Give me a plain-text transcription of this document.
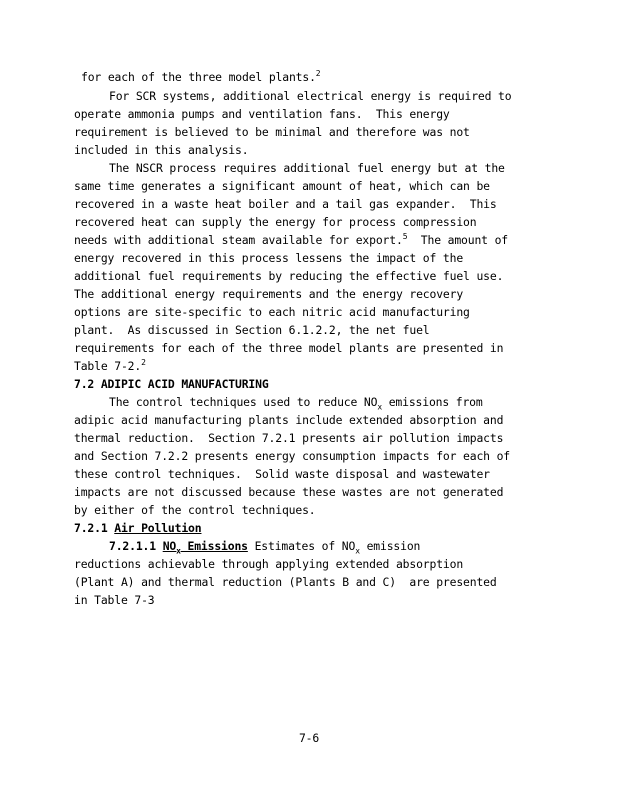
for each of the three model plants.$^2$

For SCR systems, additional electrical energy is required to

operate ammonia pumps and ventilation fans.  This energy

requirement is believed to be minimal and therefore was not

included in this analysis.

The NSCR process requires additional fuel energy but at the

same time generates a significant amount of heat, which can be

recovered in a waste heat boiler and a tail gas expander.  This

recovered heat can supply the energy for process compression

needs with additional steam available for export.$^5$ The amount of

energy recovered in this process lessens the impact of the

additional fuel requirements by reducing the effective fuel use.

The additional energy requirements and the energy recovery

options are site-specific to each nitric acid manufacturing

plant.  As discussed in Section 6.1.2.2, the net fuel

requirements for each of the three model plants are presented in

Table 7-2.$^2$

7.2 ADIPIC ACID MANUFACTURING

The control techniques used to reduce $NO_x$ emissions from

adipic acid manufacturing plants include extended absorption and

thermal reduction.  Section 7.2.1 presents air pollution impacts

and Section 7.2.2 presents energy consumption impacts for each of

these control techniques.  Solid waste disposal and wastewater

impacts are not discussed because these wastes are not generated

by either of the control techniques.

7.2.1 Air Pollution

7.2.1.1 $NO_x$ Emissions Estimates of $NO_x$ emission

reductions achievable through applying extended absorption

(Plant A) and thermal reduction (Plants B and C)  are presented

in Table 7-3

7-6
